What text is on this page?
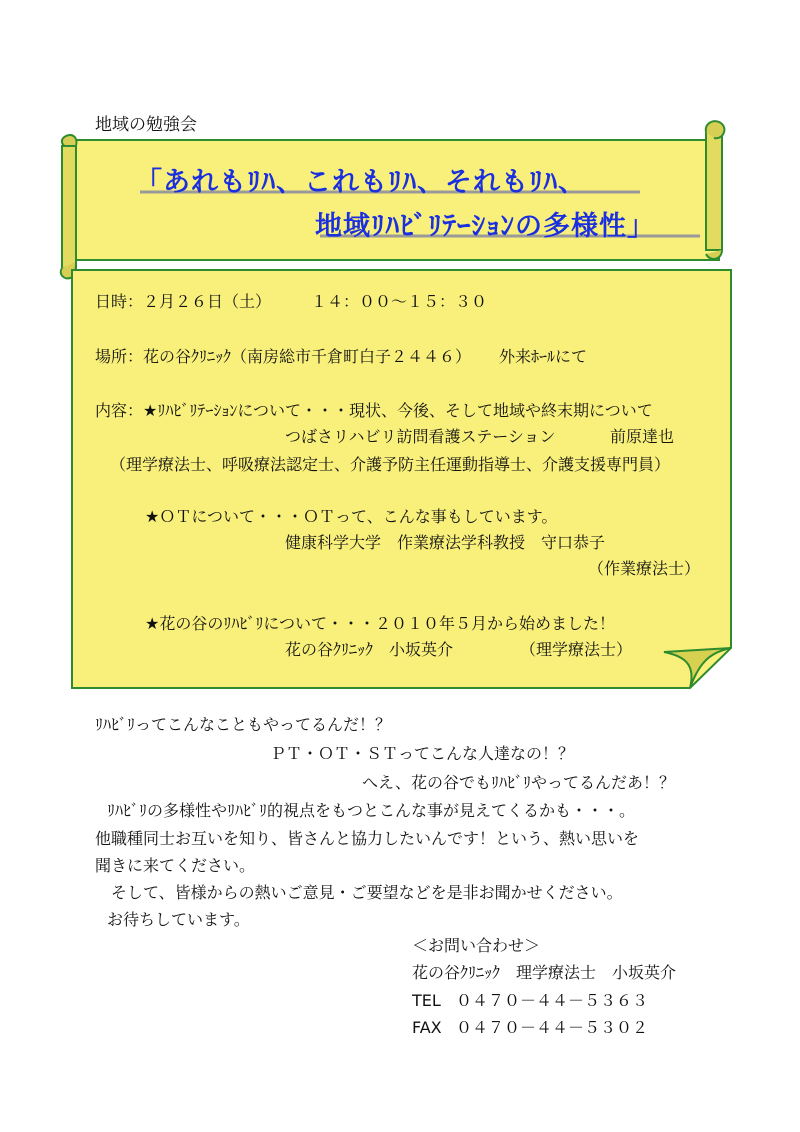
地域の勉強会
「あれもﾘﾊ、これもﾘﾊ、それもﾘﾊ、
地域ﾘﾊﾋﾞﾘﾃｰｼｮﾝの多様性」
日時：２月２６日（土）	１４：００～１５：３０
場所：花の谷ｸﾘﾆｯｸ（南房総市千倉町白子２４４６） 外来ﾎｰﾙにて
内容：★ﾘﾊﾋﾞﾘﾃｰｼｮﾝについて・・・現状、今後、そして地域や終末期について
つばさリハビリ訪問看護ステーション	前原達也
（理学療法士、呼吸療法認定士、介護予防主任運動指導士、介護支援専門員）
★ＯＴについて・・・ＯＴって、こんな事もしています。
健康科学大学　作業療法学科教授　守口恭子
（作業療法士）
★花の谷のﾘﾊﾋﾞﾘについて・・・２０１０年５月から始めました！
花の谷ｸﾘﾆｯｸ　小坂英介	（理学療法士）
ﾘﾊﾋﾞﾘってこんなこともやってるんだ！？
ＰＴ・ＯＴ・ＳＴってこんな人達なの！？
へえ、花の谷でもﾘﾊﾋﾞﾘやってるんだあ！？
ﾘﾊﾋﾞﾘの多様性やﾘﾊﾋﾞﾘ的視点をもつとこんな事が見えてくるかも・・・。
他職種同士お互いを知り、皆さんと協力したいんです！という、熱い思いを
聞きに来てください。
そして、皆様からの熱いご意見・ご要望などを是非お聞かせください。
お待ちしています。
＜お問い合わせ＞
花の谷ｸﾘﾆｯｸ　理学療法士　小坂英介
TEL ０４７０－４４－５３６３
FAX ０４７０－４４－５３０２
